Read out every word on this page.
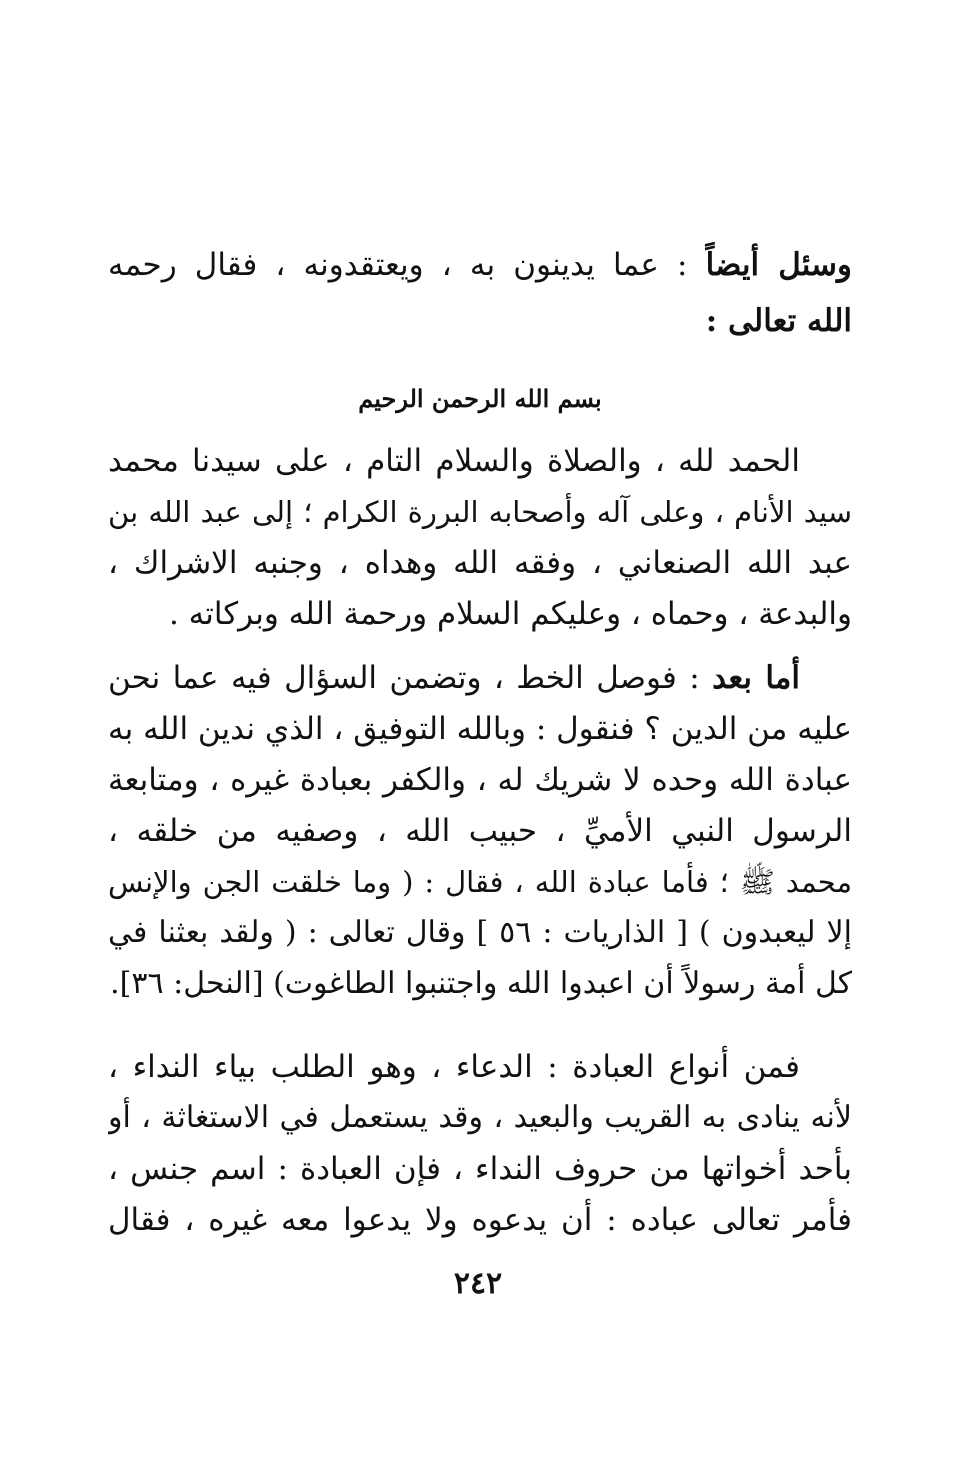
وسئل أيضاً : عما يدينون به ، ويعتقدونه ، فقال رحمه
الله تعالى :
بسم الله الرحمن الرحيم
الحمد لله ، والصلاة والسلام التام ، على سيدنا محمد
سيد الأنام ، وعلى آله وأصحابه البررة الكرام ؛ إلى عبد الله بن
عبد الله الصنعاني ، وفقه الله وهداه ، وجنبه الاشراك ،
والبدعة ، وحماه ، وعليكم السلام ورحمة الله وبركاته .
أما بعد : فوصل الخط ، وتضمن السؤال فيه عما نحن
عليه من الدين ؟ فنقول : وبالله التوفيق ، الذي ندين الله به
عبادة الله وحده لا شريك له ، والكفر بعبادة غيره ، ومتابعة
الرسول النبي الأميِّ ، حبيب الله ، وصفيه من خلقه ،
محمد ﷺ ؛ فأما عبادة الله ، فقال : ( وما خلقت الجن والإنس
إلا ليعبدون ) [ الذاريات : ٥٦ ] وقال تعالى : ( ولقد بعثنا في
كل أمة رسولاً أن اعبدوا الله واجتنبوا الطاغوت) [النحل: ٣٦].
فمن أنواع العبادة : الدعاء ، وهو الطلب بياء النداء ،
لأنه ينادى به القريب والبعيد ، وقد يستعمل في الاستغاثة ، أو
بأحد أخواتها من حروف النداء ، فإن العبادة : اسم جنس ،
فأمر تعالى عباده : أن يدعوه ولا يدعوا معه غيره ، فقال
٢٤٢
